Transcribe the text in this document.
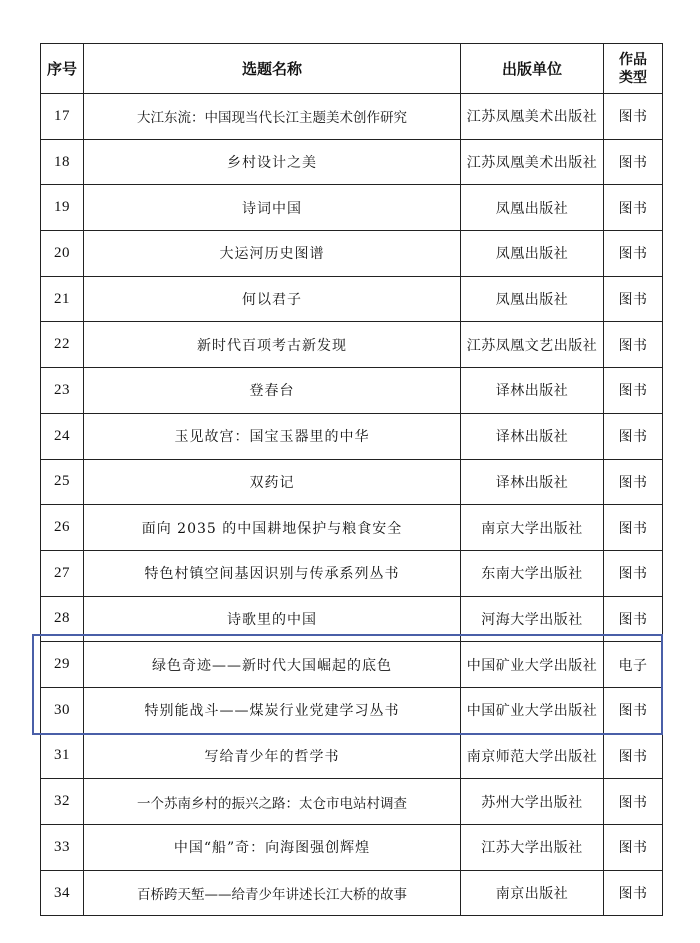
序号	选题名称	出版单位	作品
类型
17	大江东流：中国现当代长江主题美术创作研究	江苏凤凰美术出版社	图书
18	乡村设计之美	江苏凤凰美术出版社	图书
19	诗词中国	凤凰出版社	图书
20	大运河历史图谱	凤凰出版社	图书
21	何以君子	凤凰出版社	图书
22	新时代百项考古新发现	江苏凤凰文艺出版社	图书
23	登春台	译林出版社	图书
24	玉见故宫：国宝玉器里的中华	译林出版社	图书
25	双药记	译林出版社	图书
26	面向 2035 的中国耕地保护与粮食安全	南京大学出版社	图书
27	特色村镇空间基因识别与传承系列丛书	东南大学出版社	图书
28	诗歌里的中国	河海大学出版社	图书
29	绿色奇迹——新时代大国崛起的底色	中国矿业大学出版社	电子
30	特别能战斗——煤炭行业党建学习丛书	中国矿业大学出版社	图书
31	写给青少年的哲学书	南京师范大学出版社	图书
32	一个苏南乡村的振兴之路：太仓市电站村调查	苏州大学出版社	图书
33	中国“船”奇：向海图强创辉煌	江苏大学出版社	图书
34	百桥跨天堑——给青少年讲述长江大桥的故事	南京出版社	图书
